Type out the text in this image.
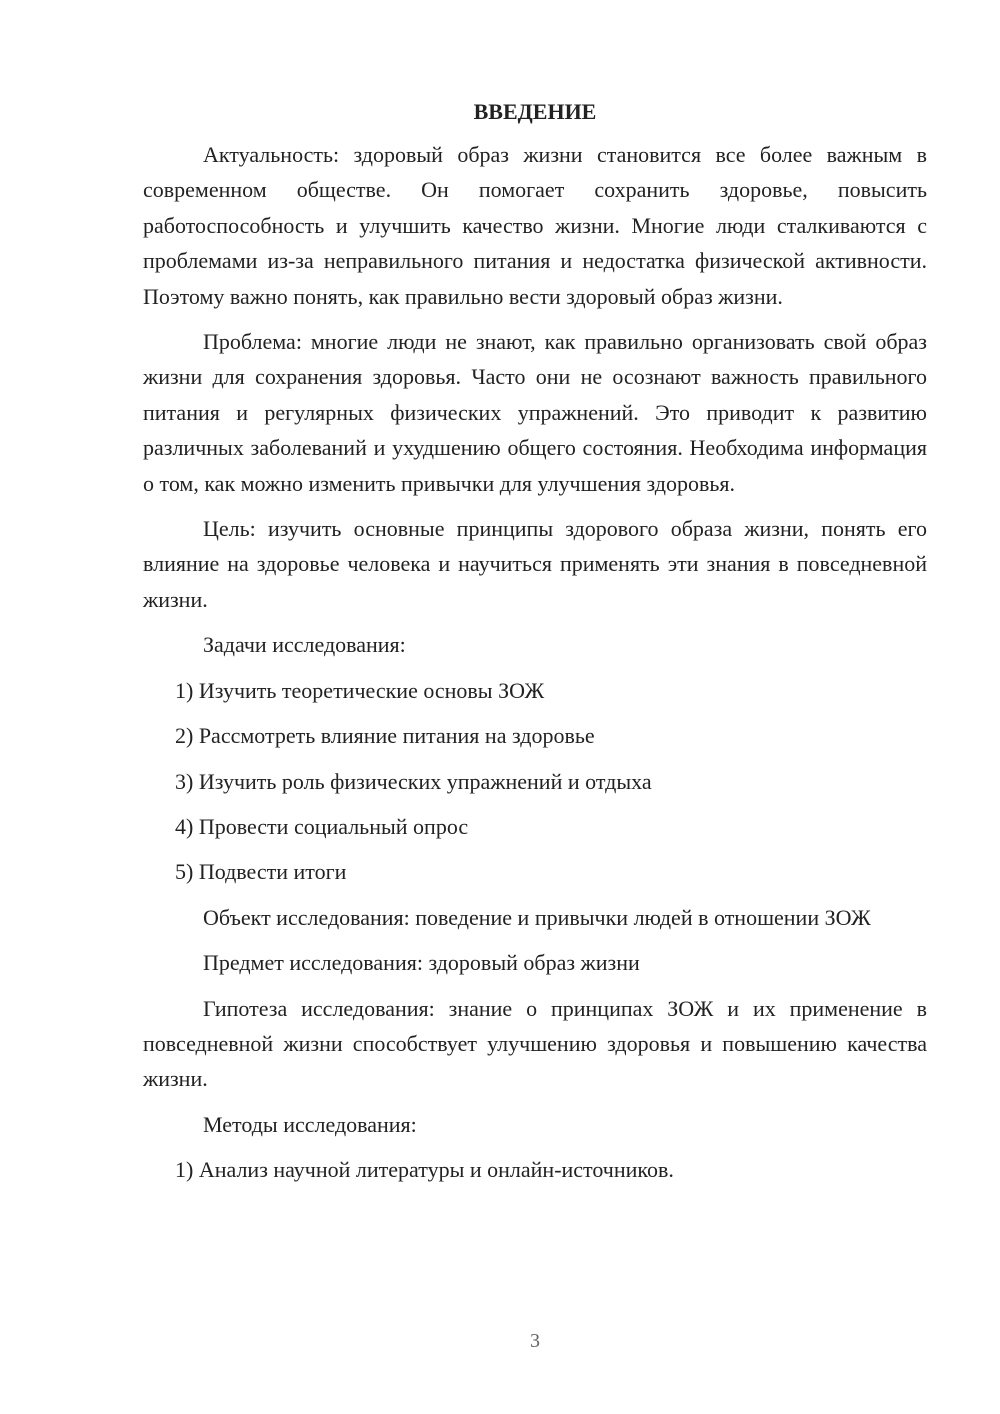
ВВЕДЕНИЕ

Актуальность: здоровый образ жизни становится все более важным в современном обществе. Он помогает сохранить здоровье, повысить работоспособность и улучшить качество жизни. Многие люди сталкиваются с проблемами из-за неправильного питания и недостатка физической активности. Поэтому важно понять, как правильно вести здоровый образ жизни.

Проблема: многие люди не знают, как правильно организовать свой образ жизни для сохранения здоровья. Часто они не осознают важность правильного питания и регулярных физических упражнений. Это приводит к развитию различных заболеваний и ухудшению общего состояния. Необходима информация о том, как можно изменить привычки для улучшения здоровья.

Цель: изучить основные принципы здорового образа жизни, понять его влияние на здоровье человека и научиться применять эти знания в повседневной жизни.

Задачи исследования:

1) Изучить теоретические основы ЗОЖ

2) Рассмотреть влияние питания на здоровье

3) Изучить роль физических упражнений и отдыха

4) Провести социальный опрос

5) Подвести итоги

Объект исследования: поведение и привычки людей в отношении ЗОЖ

Предмет исследования: здоровый образ жизни

Гипотеза исследования: знание о принципах ЗОЖ и их применение в повседневной жизни способствует улучшению здоровья и повышению качества жизни.

Методы исследования:

1) Анализ научной литературы и онлайн-источников.

3
